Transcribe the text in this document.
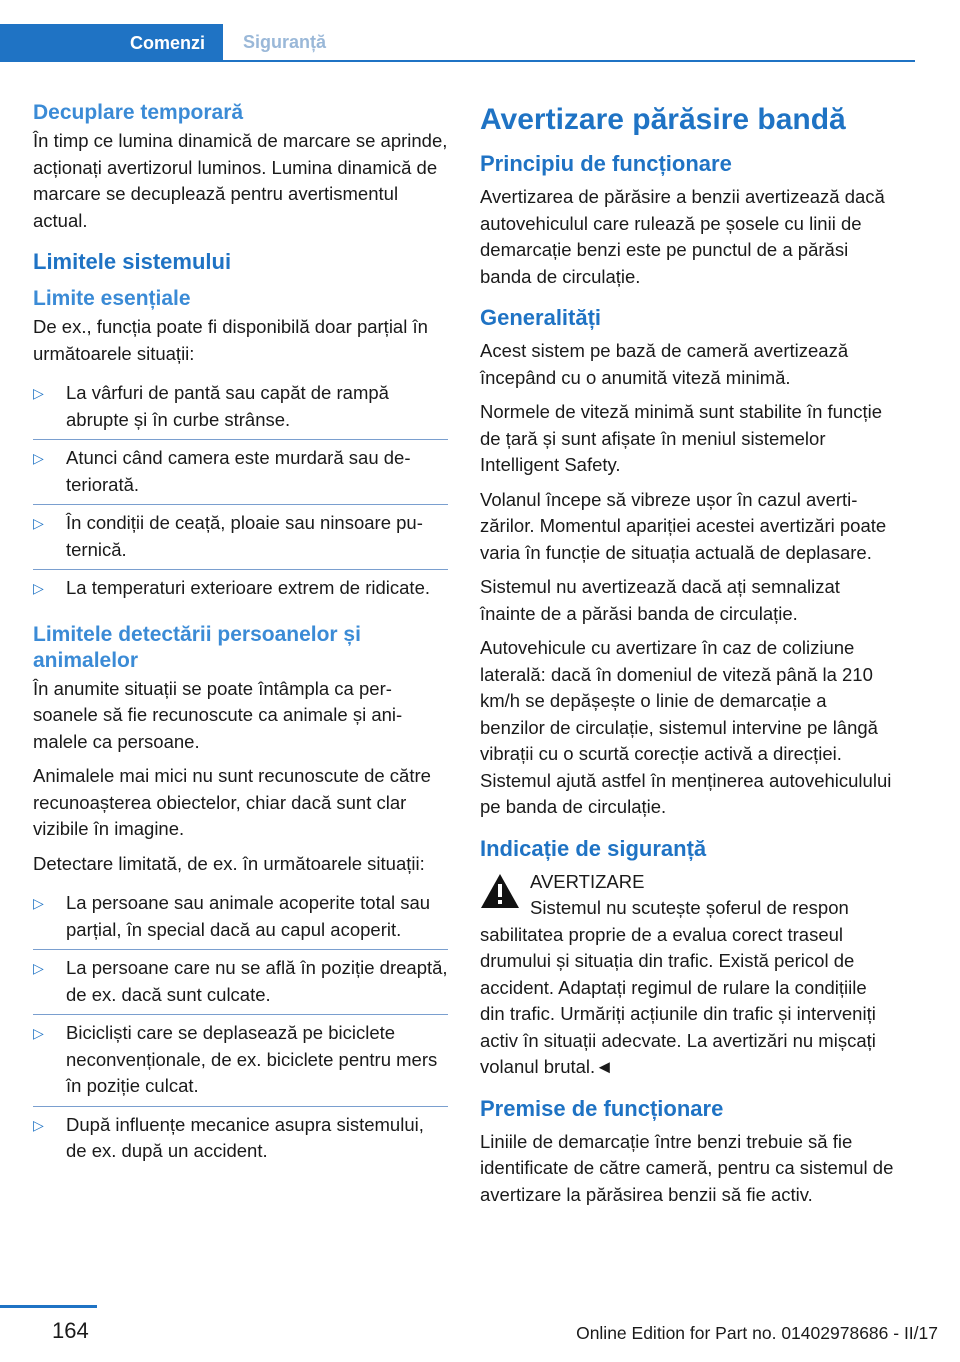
Comenzi	Siguranță
Decuplare temporară

În timp ce lumina dinamică de marcare se aprinde, acționați avertizorul luminos. Lumina dinamică de marcare se decuplează pentru avertismentul actual.

Limitele sistemului
Limite esențiale

De ex., funcția poate fi disponibilă doar parțial în următoarele situații:

▷ La vârfuri de pantă sau capăt de rampă abrupte și în curbe strânse.
▷ Atunci când camera este murdară sau deteriorată.
▷ În condiții de ceață, ploaie sau ninsoare puternică.
▷ La temperaturi exterioare extrem de ridicate.
Limitele detectării persoanelor și animalelor

În anumite situații se poate întâmpla ca persoanele să fie recunoscute ca animale și animalele ca persoane.

Animalele mai mici nu sunt recunoscute de către recunoașterea obiectelor, chiar dacă sunt clar vizibile în imagine.

Detectare limitată, de ex. în următoarele situații:

▷ La persoane sau animale acoperite total sau parțial, în special dacă au capul acoperit.
▷ La persoane care nu se află în poziție dreaptă, de ex. dacă sunt culcate.
▷ Bicicliști care se deplasează pe biciclete neconvenționale, de ex. biciclete pentru mers în poziție culcat.
▷ După influențe mecanice asupra sistemului, de ex. după un accident.
Avertizare părăsire bandă
Principiu de funcționare

Avertizarea de părăsire a benzii avertizează dacă autovehiculul care rulează pe șosele cu linii de demarcație benzi este pe punctul de a părăsi banda de circulație.

Generalități

Acest sistem pe bază de cameră avertizează începând cu o anumită viteză minimă.

Normele de viteză minimă sunt stabilite în funcție de țară și sunt afișate în meniul sistemelor Intelligent Safety.

Volanul începe să vibreze ușor în cazul avertizărilor. Momentul apariției acestei avertizări poate varia în funcție de situația actuală de deplasare.

Sistemul nu avertizează dacă ați semnalizat înainte de a părăsi banda de circulație.

Autovehicule cu avertizare în caz de coliziune laterală: dacă în domeniul de viteză până la 210 km/h se depășește o linie de demarcație a benzilor de circulație, sistemul intervine pe lângă vibrații cu o scurtă corecție activă a direcției. Sistemul ajută astfel în menținerea autovehiculului pe banda de circulație.

Indicație de siguranță

AVERTIZARE

Sistemul nu scutește șoferul de respon

sabilitatea proprie de a evalua corect traseul drumului și situația din trafic. Există pericol de accident. Adaptați regimul de rulare la condițiile din trafic. Urmăriți acțiunile din trafic și interveniți activ în situații adecvate. La avertizări nu mișcați volanul brutal.◄

Premise de funcționare

Liniile de demarcație între benzi trebuie să fie identificate de către cameră, pentru ca sistemul de avertizare la părăsirea benzii să fie activ.

164	Online Edition for Part no. 01402978686 - II/17
